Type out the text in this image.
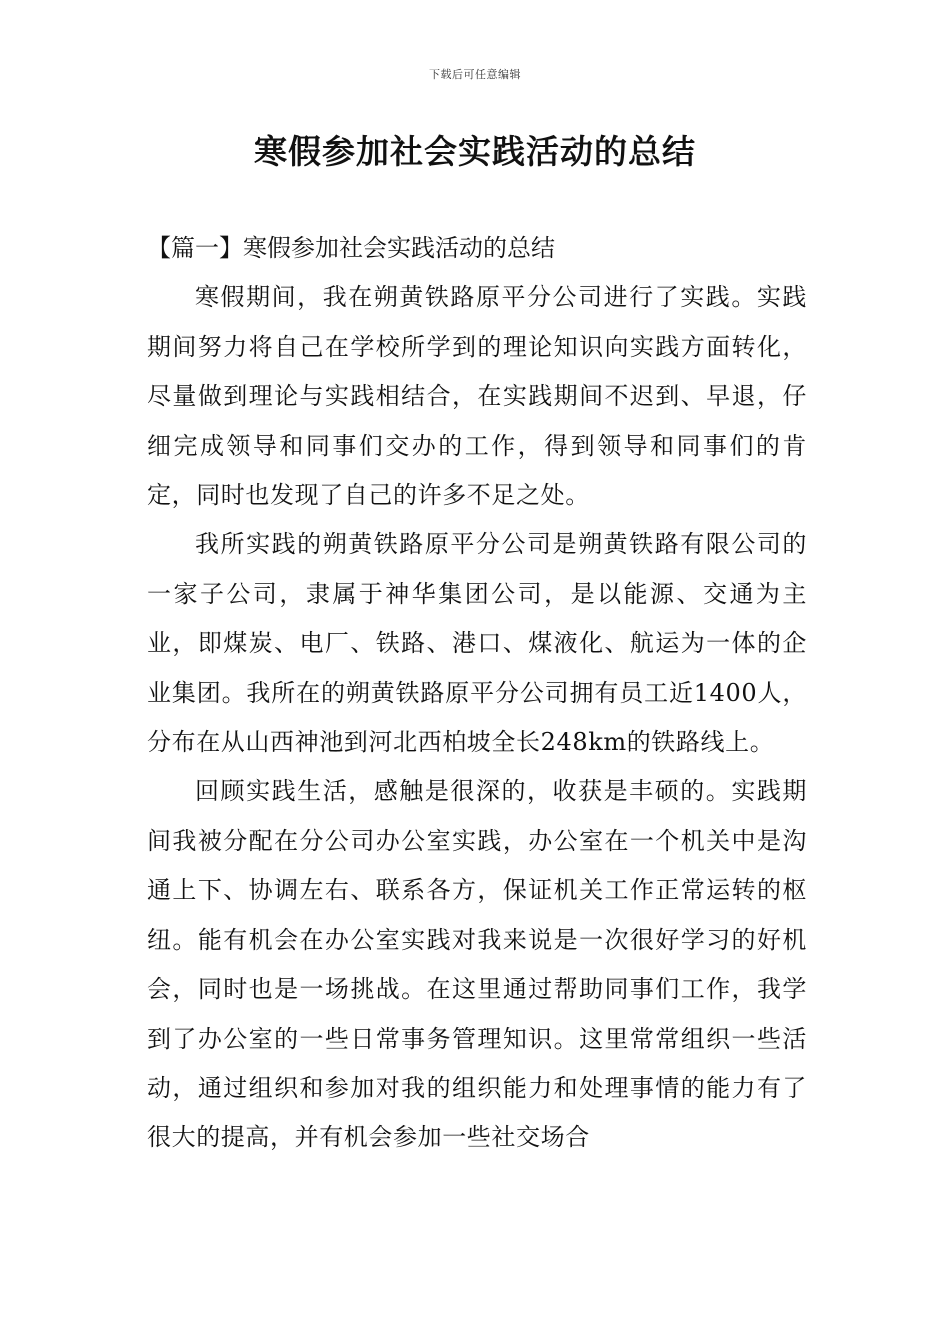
下载后可任意编辑
寒假参加社会实践活动的总结
【篇一】寒假参加社会实践活动的总结

寒假期间，我在朔黄铁路原平分公司进行了实践。实践期间努力将自己在学校所学到的理论知识向实践方面转化，尽量做到理论与实践相结合，在实践期间不迟到、早退，仔细完成领导和同事们交办的工作，得到领导和同事们的肯定，同时也发现了自己的许多不足之处。

我所实践的朔黄铁路原平分公司是朔黄铁路有限公司的一家子公司，隶属于神华集团公司，是以能源、交通为主业，即煤炭、电厂、铁路、港口、煤液化、航运为一体的企业集团。我所在的朔黄铁路原平分公司拥有员工近1400人，分布在从山西神池到河北西柏坡全长248km的铁路线上。

回顾实践生活，感触是很深的，收获是丰硕的。实践期间我被分配在分公司办公室实践，办公室在一个机关中是沟通上下、协调左右、联系各方，保证机关工作正常运转的枢纽。能有机会在办公室实践对我来说是一次很好学习的好机会，同时也是一场挑战。在这里通过帮助同事们工作，我学到了办公室的一些日常事务管理知识。这里常常组织一些活动，通过组织和参加对我的组织能力和处理事情的能力有了很大的提高，并有机会参加一些社交场合
